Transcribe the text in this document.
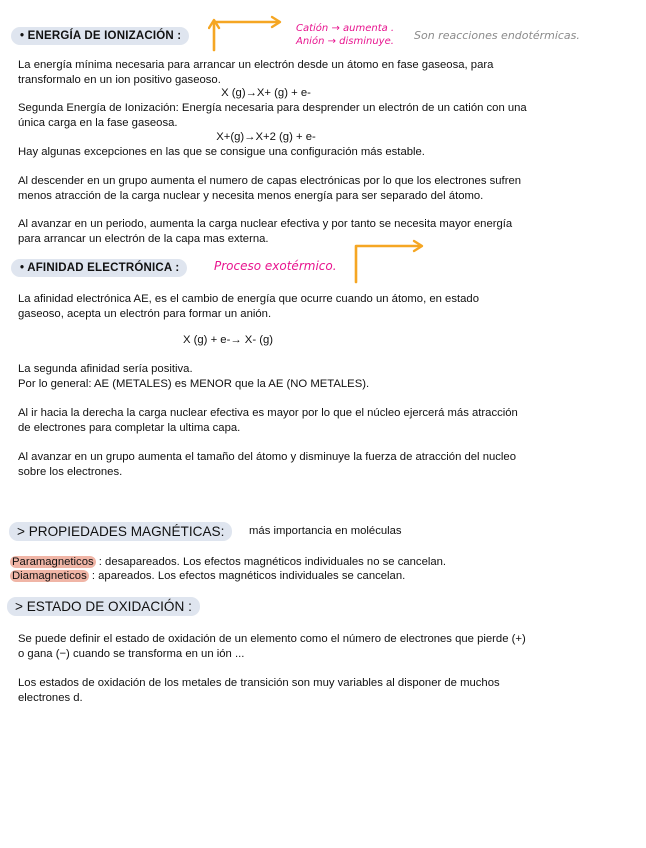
• ENERGÍA DE IONIZACIÓN :
Catión → aumenta .
Anión → disminuye. Son reacciones endotérmicas.
La energía mínima necesaria para arrancar un electrón desde un átomo en fase gaseosa, para
transformalo en un ion positivo gaseoso.
X (g)→X+ (g) + e-
Segunda Energía de Ionización: Energía necesaria para desprender un electrón de un catión con una
única carga en la fase gaseosa.
X+(g)→X+2 (g) + e-
Hay algunas excepciones en las que se consigue una configuración más estable.
Al descender en un grupo aumenta el numero de capas electrónicas por lo que los electrones sufren
menos atracción de la carga nuclear y necesita menos energía para ser separado del átomo.
Al avanzar en un periodo, aumenta la carga nuclear efectiva y por tanto se necesita mayor energía
para arrancar un electrón de la capa mas externa.
• AFINIDAD ELECTRÓNICA :	Proceso exotérmico.
La afinidad electrónica AE, es el cambio de energía que ocurre cuando un átomo, en estado
gaseoso, acepta un electrón para formar un anión.
X (g) + e-→ X- (g)
La segunda afinidad sería positiva.
Por lo general: AE (METALES) es MENOR que la AE (NO METALES).
Al ir hacia la derecha la carga nuclear efectiva es mayor por lo que el núcleo ejercerá más atracción
de electrones para completar la ultima capa.
Al avanzar en un grupo aumenta el tamaño del átomo y disminuye la fuerza de atracción del nucleo
sobre los electrones.
> PROPIEDADES MAGNÉTICAS:	más importancia en moléculas
Paramagneticos : desapareados. Los efectos magnéticos individuales no se cancelan.
Diamagneticos : apareados. Los efectos magnéticos individuales se cancelan.
> ESTADO DE OXIDACIÓN :
Se puede definir el estado de oxidación de un elemento como el número de electrones que pierde (+)
o gana (−) cuando se transforma en un ión ...
Los estados de oxidación de los metales de transición son muy variables al disponer de muchos
electrones d.
